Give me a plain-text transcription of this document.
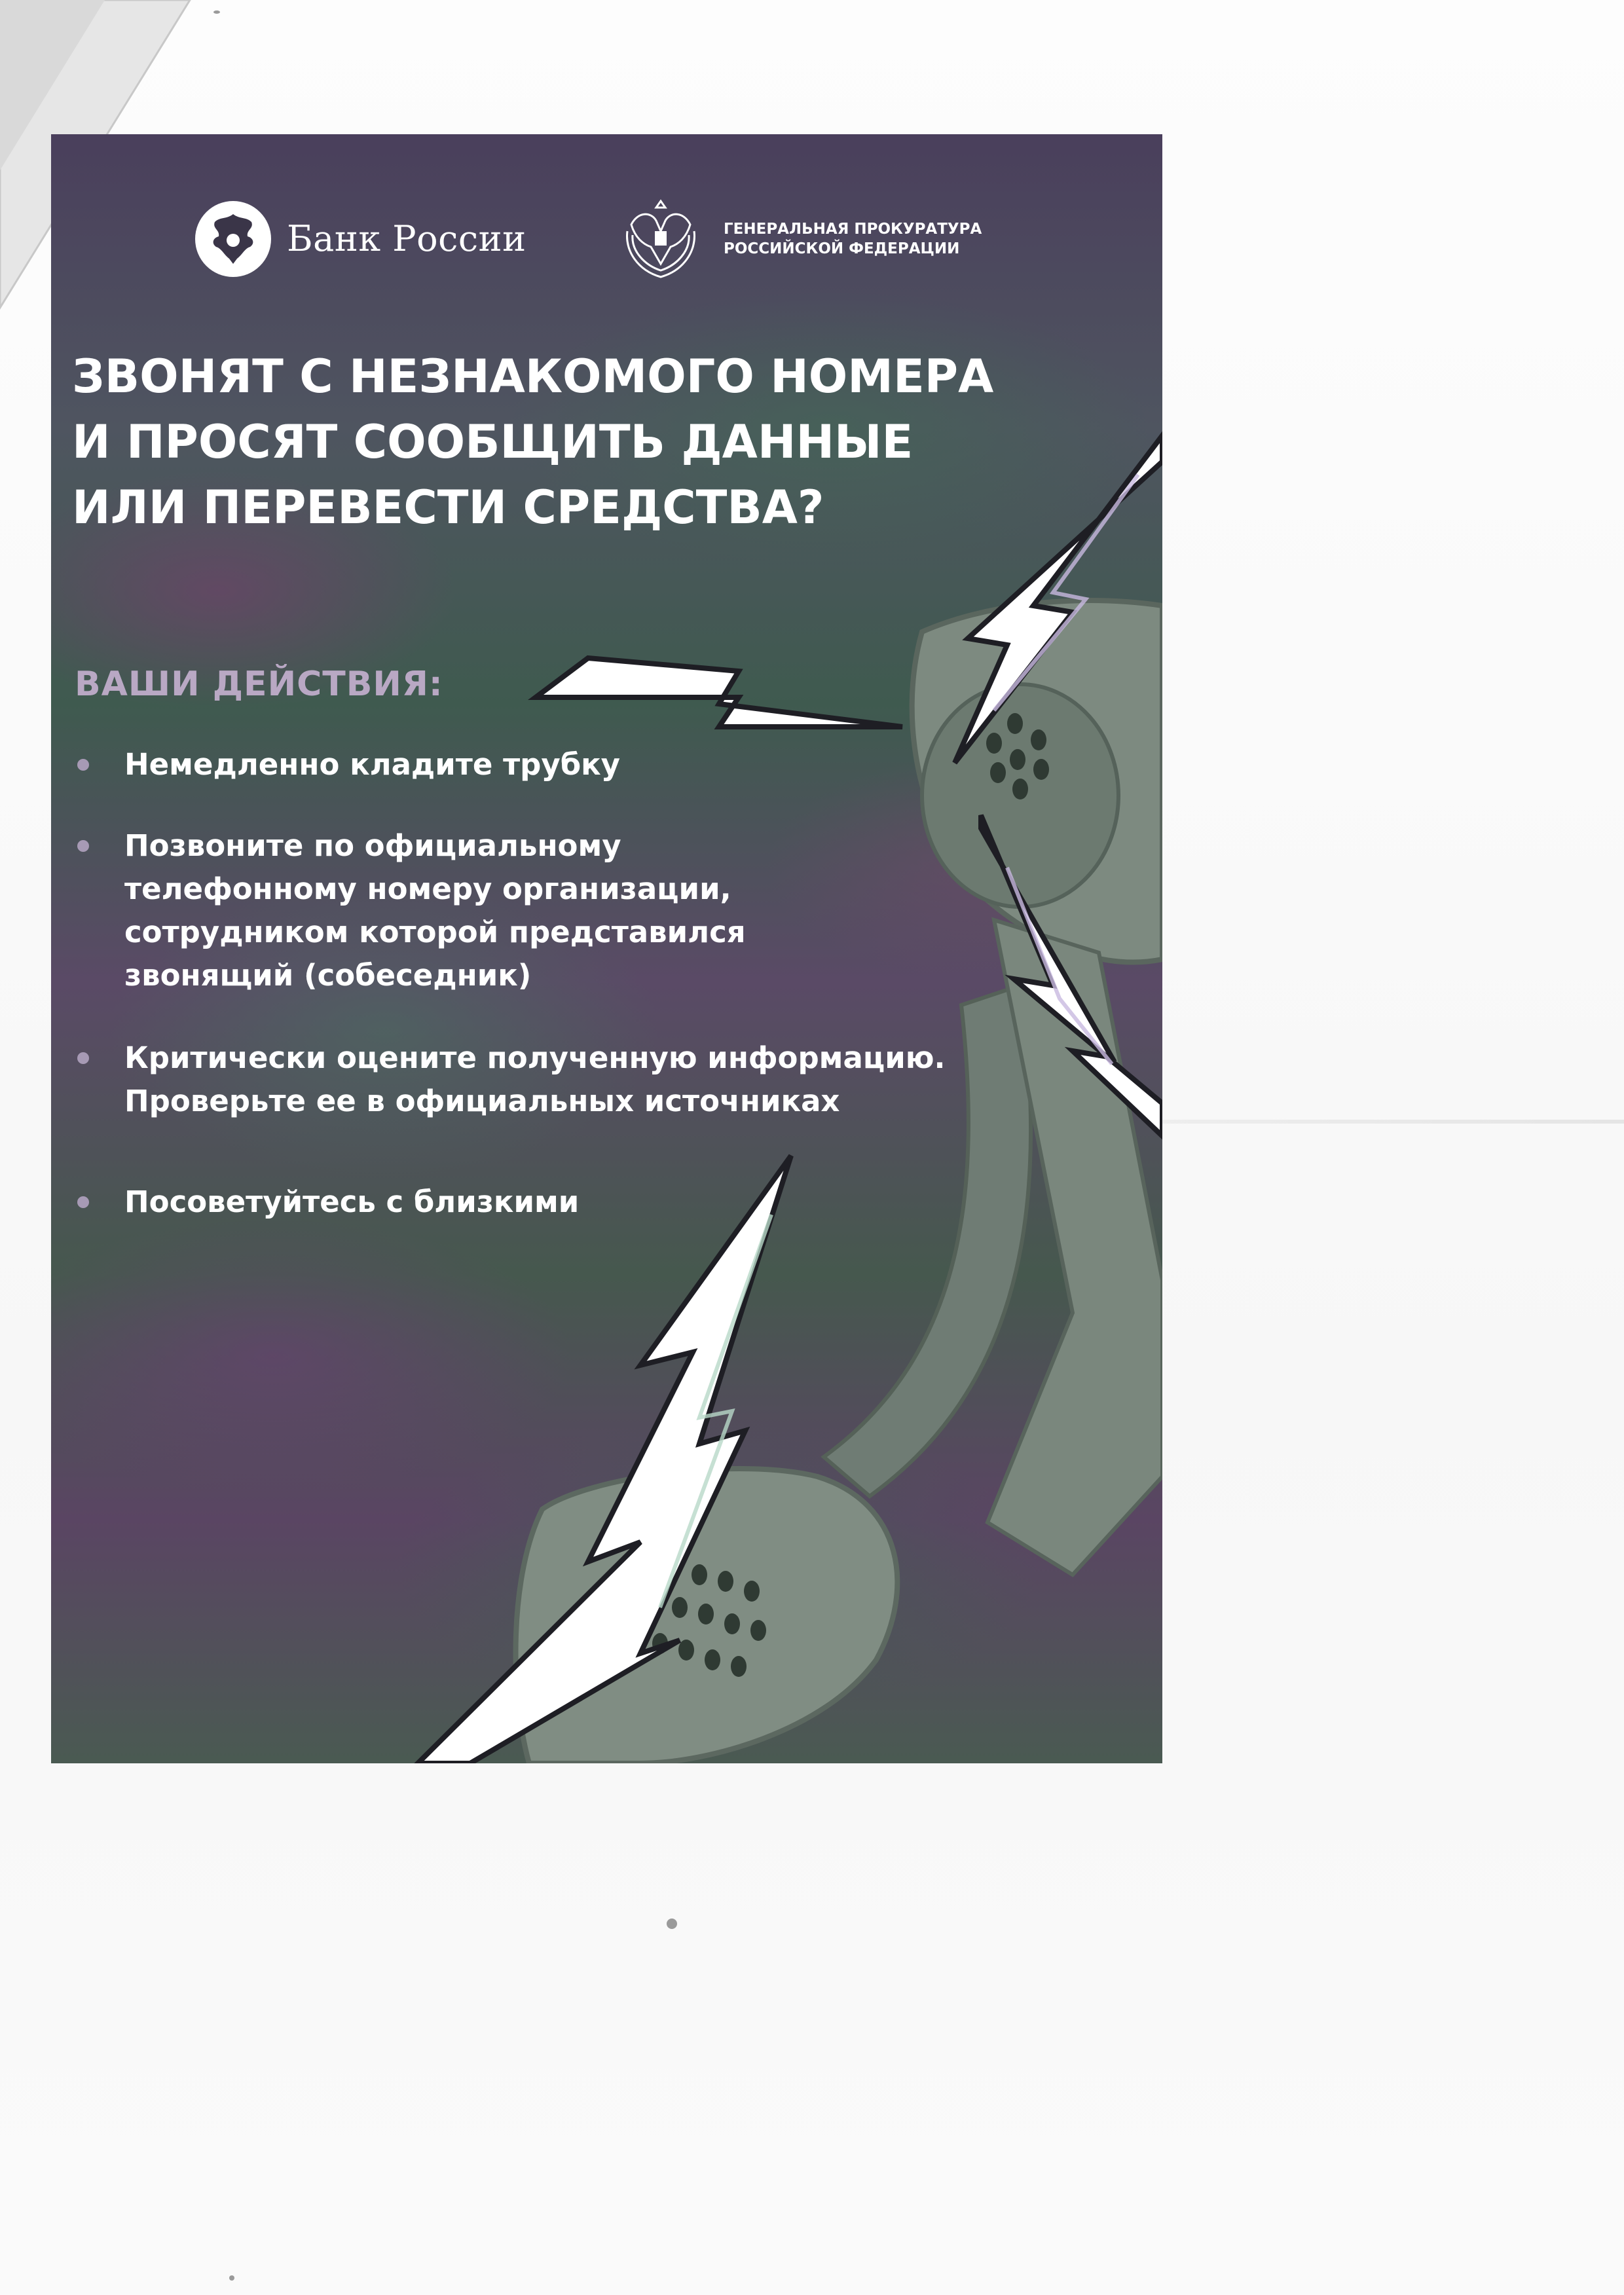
Банк России	ГЕНЕРАЛЬНАЯ ПРОКУРАТУРА
РОССИЙСКОЙ ФЕДЕРАЦИИ
ЗВОНЯТ С НЕЗНАКОМОГО НОМЕРА
И ПРОСЯТ СООБЩИТЬ ДАННЫЕ
ИЛИ ПЕРЕВЕСТИ СРЕДСТВА?
ВАШИ ДЕЙСТВИЯ:
Немедленно кладите трубку
Позвоните по официальному
телефонному номеру организации,
сотрудником которой представился
звонящий (собеседник)
Критически оцените полученную информацию.
Проверьте ее в официальных источниках
Посоветуйтесь с близкими
